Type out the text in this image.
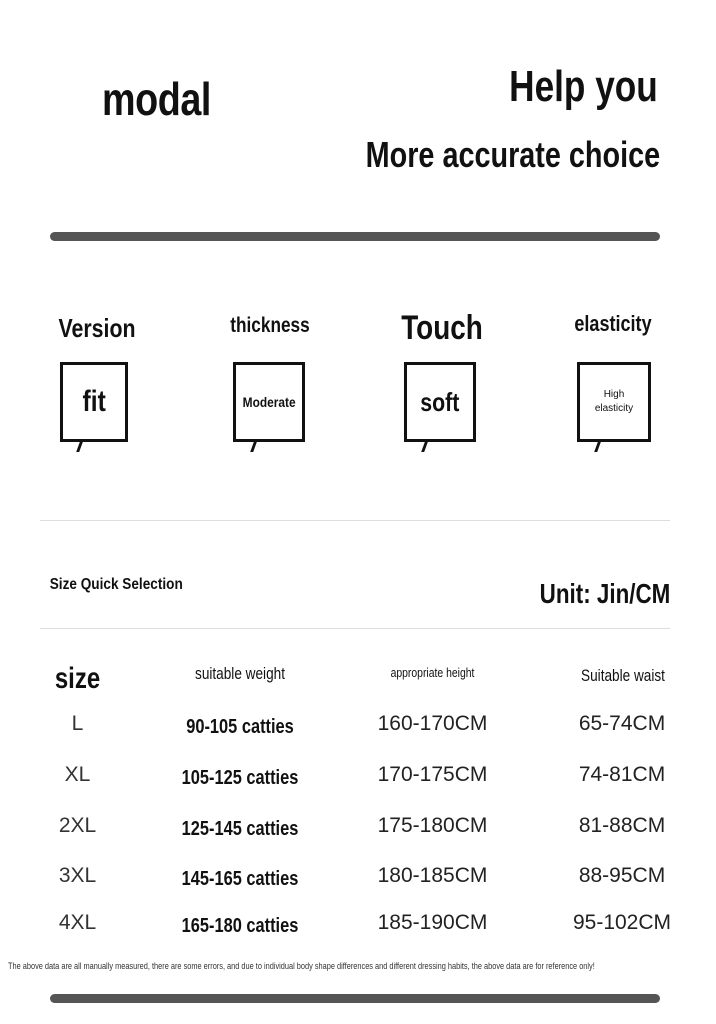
modal	Help you
More accurate choice
Version
fit
thickness
Moderate
Touch
soft
elasticity
High
elasticity
Size Quick Selection	Unit: Jin/CM
size	suitable weight	appropriate height	Suitable waist
L	90-105 catties	160-170CM	65-74CM
XL	105-125 catties	170-175CM	74-81CM
2XL	125-145 catties	175-180CM	81-88CM
3XL	145-165 catties	180-185CM	88-95CM
4XL	165-180 catties	185-190CM	95-102CM
The above data are all manually measured, there are some errors, and due to individual body shape differences and different dressing habits, the above data are for reference only!
